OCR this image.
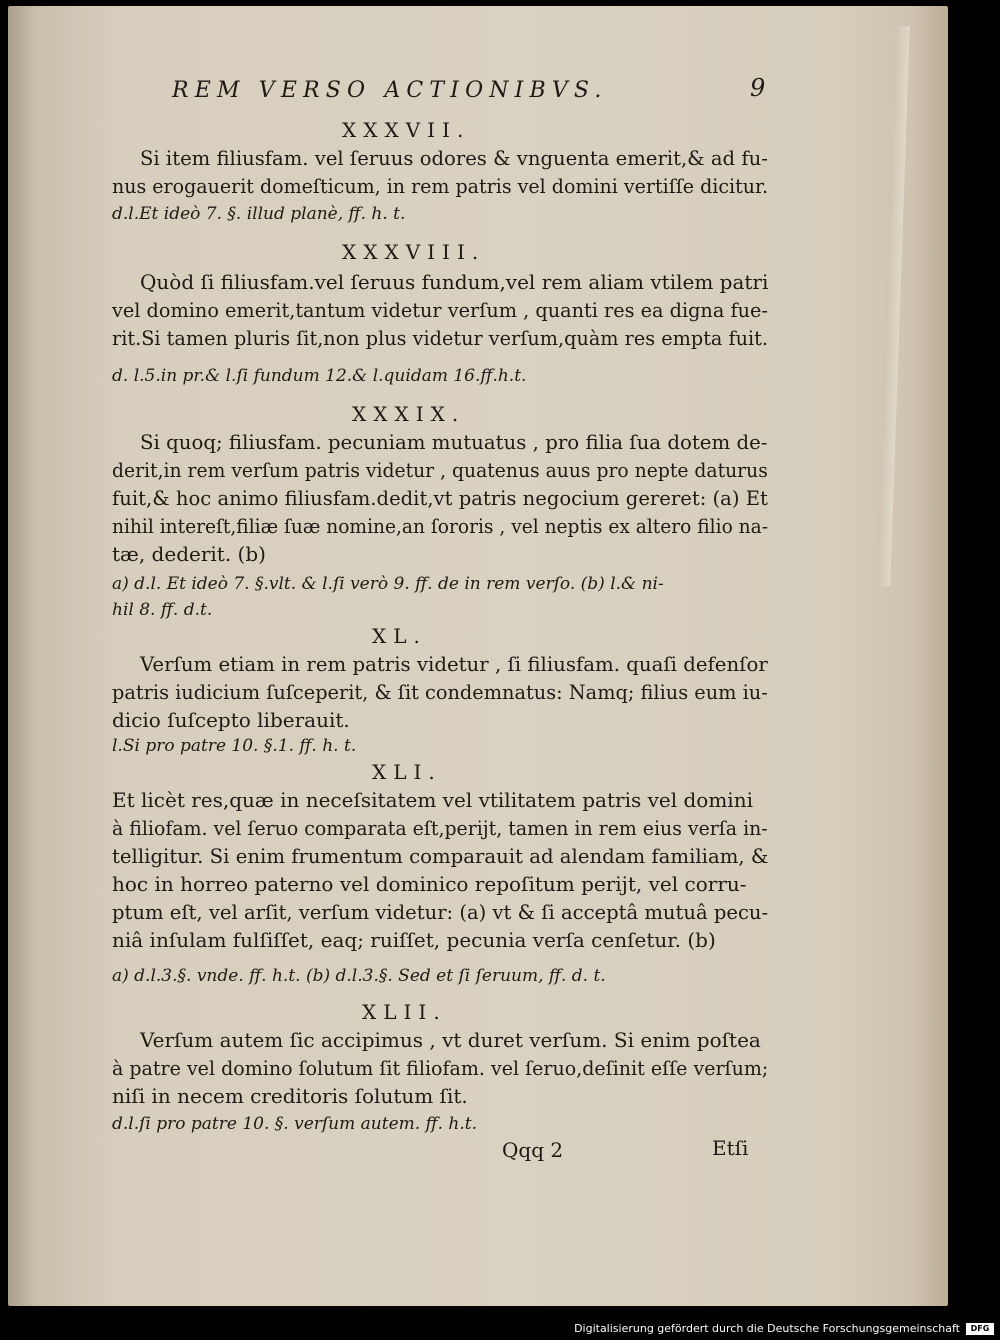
REM VERSO ACTIONIBVS.	9
XXXVII.
Si item filiusfam. vel ſeruus odores & vnguenta emerit,& ad fu-
nus erogauerit domeſticum, in rem patris vel domini vertiſſe dicitur.
d.l.Et ideò 7. §. illud planè, ff. h. t.
XXXVIII.
Quòd ſi filiusfam.vel ſeruus fundum,vel rem aliam vtilem patri
vel domino emerit,tantum videtur verſum , quanti res ea digna fue-
rit.Si tamen pluris ſit,non plus videtur verſum,quàm res empta fuit.
d. l.5.in pr.& l.ſi fundum 12.& l.quidam 16.ff.h.t.
XXXIX.
Si quoq; filiusfam. pecuniam mutuatus , pro filia ſua dotem de-
derit,in rem verſum patris videtur , quatenus auus pro nepte daturus
fuit,& hoc animo filiusfam.dedit,vt patris negocium gereret: (a) Et
nihil intereſt,filiæ ſuæ nomine,an ſororis , vel neptis ex altero filio na-
tæ, dederit. (b)
a) d.l. Et ideò 7. §.vlt. & l.ſi verò 9. ff. de in rem verſo. (b) l.& ni-
hil 8. ff. d.t.
XL.
Verſum etiam in rem patris videtur , ſi filiusfam. quaſi defenſor
patris iudicium ſuſceperit, & ſit condemnatus: Namq; filius eum iu-
dicio ſuſcepto liberauit.
l.Si pro patre 10. §.1. ff. h. t.
XLI.
Et licèt res,quæ in neceſsitatem vel vtilitatem patris vel domini
à filiofam. vel ſeruo comparata eſt,perijt, tamen in rem eius verſa in-
telligitur. Si enim frumentum comparauit ad alendam familiam, &
hoc in horreo paterno vel dominico repoſitum perijt, vel corru-
ptum eſt, vel arſit, verſum videtur: (a) vt & ſi acceptâ mutuâ pecu-
niâ inſulam fulſiſſet, eaq; ruiſſet, pecunia verſa cenſetur. (b)
a) d.l.3.§. vnde. ff. h.t. (b) d.l.3.§. Sed et ſi ſeruum, ff. d. t.
XLII.
Verſum autem ſic accipimus , vt duret verſum. Si enim poſtea
à patre vel domino ſolutum ſit filiofam. vel ſeruo,deſinit eſſe verſum;
niſi in necem creditoris ſolutum ſit.
d.l.ſi pro patre 10. §. verſum autem. ff. h.t.
Qqq 2	Etſi
Digitalisierung gefördert durch die Deutsche Forschungsgemeinschaft	DFG
